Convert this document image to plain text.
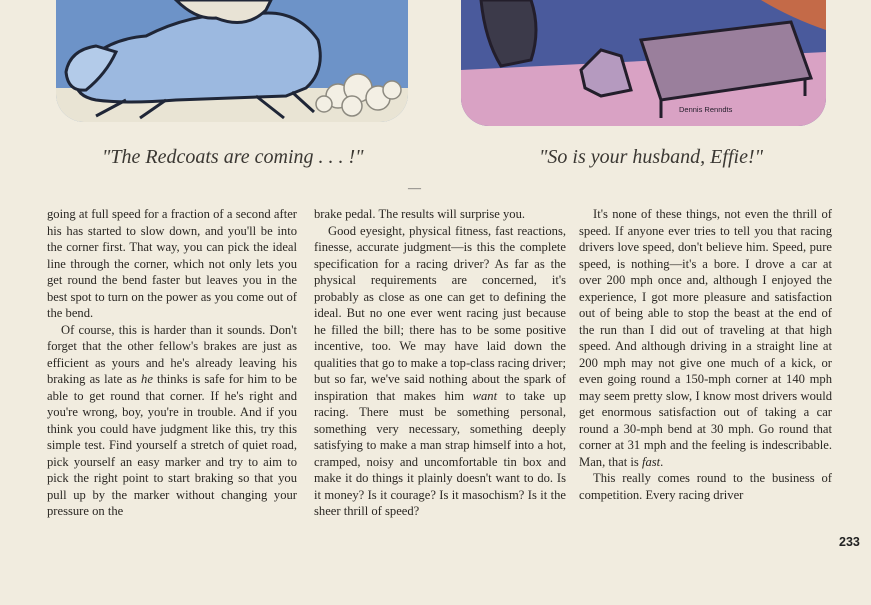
Dennis Renndts
"The Redcoats are coming . . . !"	"So is your husband, Effie!"
—

going at full speed for a fraction of a second after his has started to slow down, and you'll be into the corner first. That way, you can pick the ideal line through the corner, which not only lets you get round the bend faster but leaves you in the best spot to turn on the power as you come out of the bend.

Of course, this is harder than it sounds. Don't forget that the other fellow's brakes are just as efficient as yours and he's already leaving his braking as late as he thinks is safe for him to be able to get round that corner. If he's right and you're wrong, boy, you're in trouble. And if you think you could have judgment like this, try this simple test. Find yourself a stretch of quiet road, pick yourself an easy marker and try to aim to pick the right point to start braking so that you pull up by the marker without changing your pressure on the

brake pedal. The results will surprise you.

Good eyesight, physical fitness, fast reactions, finesse, accurate judgment—is this the complete specification for a racing driver? As far as the physical requirements are concerned, it's probably as close as one can get to defining the ideal. But no one ever went racing just because he filled the bill; there has to be some positive incentive, too. We may have laid down the qualities that go to make a top-class racing driver; but so far, we've said nothing about the spark of inspiration that makes him want to take up racing. There must be something personal, something very necessary, something deeply satisfying to make a man strap himself into a hot, cramped, noisy and uncomfortable tin box and make it do things it plainly doesn't want to do. Is it money? Is it courage? Is it masochism? Is it the sheer thrill of speed?

It's none of these things, not even the thrill of speed. If anyone ever tries to tell you that racing drivers love speed, don't believe him. Speed, pure speed, is nothing—it's a bore. I drove a car at over 200 mph once and, although I enjoyed the experience, I got more pleasure and satisfaction out of being able to stop the beast at the end of the run than I did out of traveling at that high speed. And although driving in a straight line at 200 mph may not give one much of a kick, or even going round a 150-mph corner at 140 mph may seem pretty slow, I know most drivers would get enormous satisfaction out of taking a car round a 30-mph bend at 30 mph. Go round that corner at 31 mph and the feeling is indescribable. Man, that is fast.

This really comes round to the business of competition. Every racing driver

233
